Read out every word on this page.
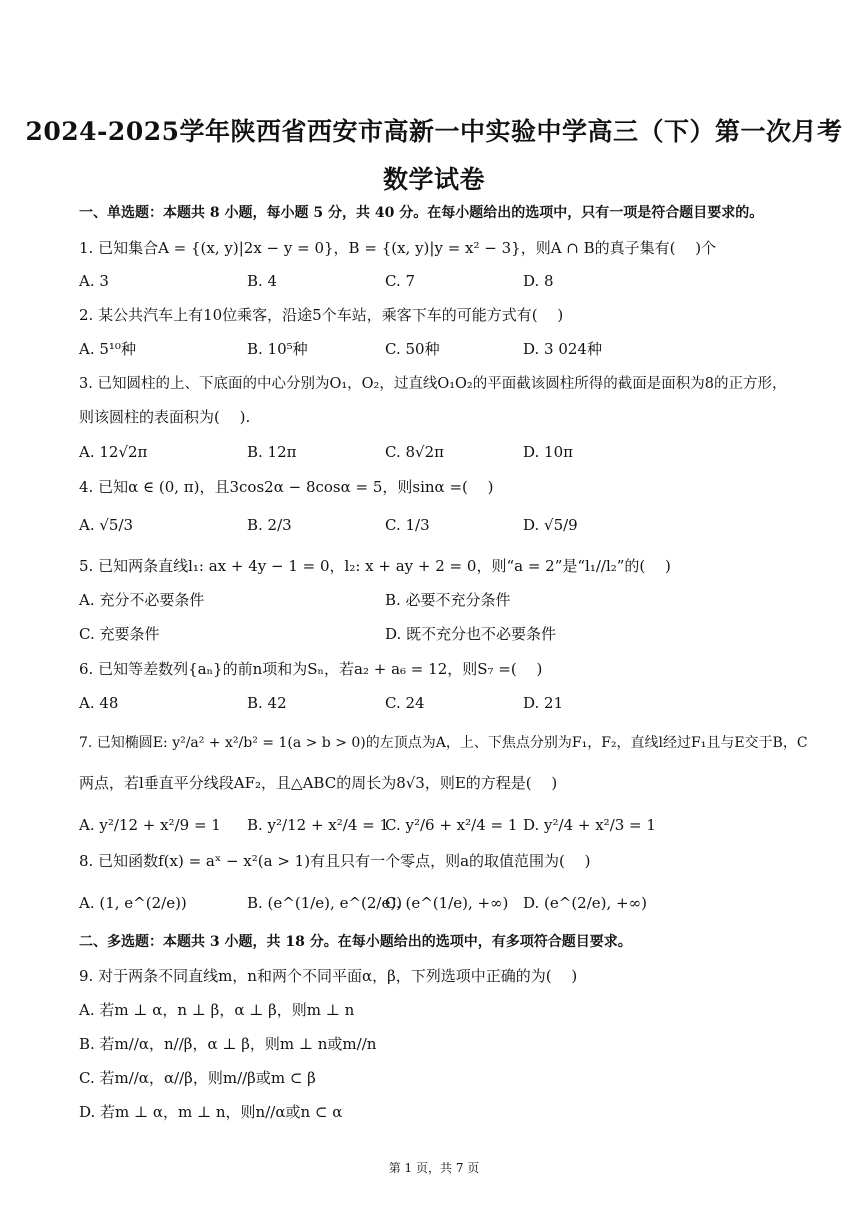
2024-2025学年陕西省西安市高新一中实验中学高三（下）第一次月考
数学试卷
一、单选题：本题共 8 小题，每小题 5 分，共 40 分。在每小题给出的选项中，只有一项是符合题目要求的。
1. 已知集合A = {(x, y)|2x − y = 0}，B = {(x, y)|y = x² − 3}，则A ∩ B的真子集有(　 )个
A. 3	B. 4	C. 7	D. 8
2. 某公共汽车上有10位乘客，沿途5个车站，乘客下车的可能方式有(　 )
A. 5¹⁰种	B. 10⁵种	C. 50种	D. 3 024种
3. 已知圆柱的上、下底面的中心分别为O₁，O₂，过直线O₁O₂的平面截该圆柱所得的截面是面积为8的正方形，
则该圆柱的表面积为(　 ).
A. 12√2π	B. 12π	C. 8√2π	D. 10π
4. 已知α ∈ (0, π)，且3cos2α − 8cosα = 5，则sinα =(　 )
A. √5/3	B. 2/3	C. 1/3	D. √5/9
5. 已知两条直线l₁: ax + 4y − 1 = 0，l₂: x + ay + 2 = 0，则“a = 2”是“l₁//l₂”的(　 )
A. 充分不必要条件	B. 必要不充分条件
C. 充要条件	D. 既不充分也不必要条件
6. 已知等差数列{aₙ}的前n项和为Sₙ，若a₂ + a₆ = 12，则S₇ =(　 )
A. 48	B. 42	C. 24	D. 21
7. 已知椭圆E: y²/a² + x²/b² = 1(a > b > 0)的左顶点为A，上、下焦点分别为F₁，F₂，直线l经过F₁且与E交于B，C
两点，若l垂直平分线段AF₂，且△ABC的周长为8√3，则E的方程是(　 )
A. y²/12 + x²/9 = 1 B. y²/12 + x²/4 = 1
C. y²/6 + x²/4 = 1 D. y²/4 + x²/3 = 1
8. 已知函数f(x) = aˣ − x²(a > 1)有且只有一个零点，则a的取值范围为(　 )
A. (1, e^(2/e))	B. (e^(1/e), e^(2/e))
C. (e^(1/e), +∞) D. (e^(2/e), +∞)
二、多选题：本题共 3 小题，共 18 分。在每小题给出的选项中，有多项符合题目要求。
9. 对于两条不同直线m，n和两个不同平面α，β，下列选项中正确的为(　 )
A. 若m ⊥ α，n ⊥ β，α ⊥ β，则m ⊥ n
B. 若m//α，n//β，α ⊥ β，则m ⊥ n或m//n
C. 若m//α，α//β，则m//β或m ⊂ β
D. 若m ⊥ α，m ⊥ n，则n//α或n ⊂ α
第 1 页，共 7 页
